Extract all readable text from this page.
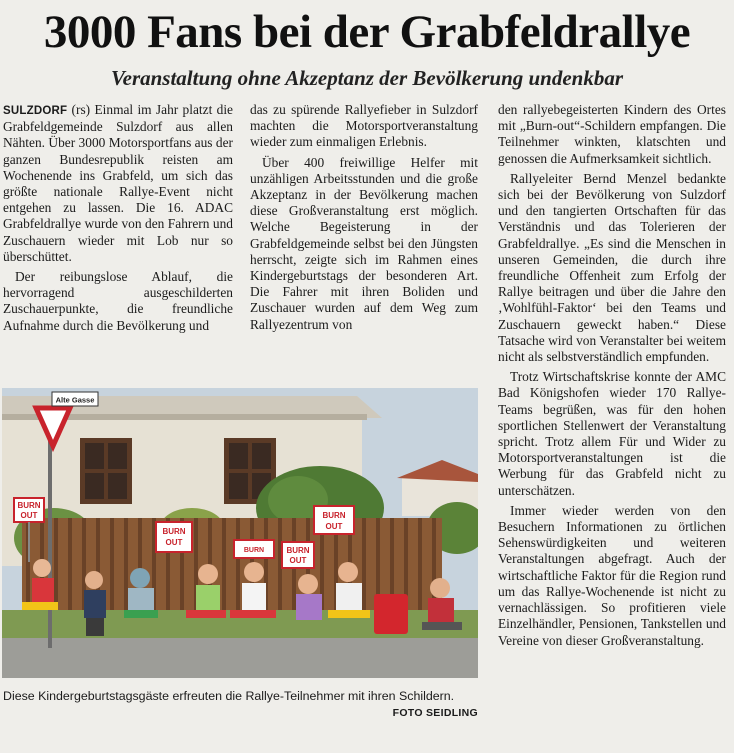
3000 Fans bei der Grabfeldrallye
Veranstaltung ohne Akzeptanz der Bevölkerung undenkbar

SULZDORF (rs) Einmal im Jahr platzt die Grabfeldgemeinde Sulzdorf aus allen Nähten. Über 3000 Motorsportfans aus der ganzen Bundesrepublik reisten am Wochenende ins Grabfeld, um sich das größte nationale Rallye-Event nicht entgehen zu lassen. Die 16. ADAC Grabfeldrallye wurde von den Fahrern und Zuschauern wieder mit Lob nur so überschüttet.

Der reibungslose Ablauf, die hervorragend ausgeschilderten Zuschauerpunkte, die freundliche Aufnahme durch die Bevölkerung und

das zu spürende Rallyefieber in Sulzdorf machten die Motorsportveranstaltung wieder zum einmaligen Erlebnis.

Über 400 freiwillige Helfer mit unzähligen Arbeitsstunden und die große Akzeptanz in der Bevölkerung machen diese Großveranstaltung erst möglich. Welche Begeisterung in der Grabfeldgemeinde selbst bei den Jüngsten herrscht, zeigte sich im Rahmen eines Kindergeburtstags der besonderen Art. Die Fahrer mit ihren Boliden und Zuschauer wurden auf dem Weg zum Rallyezentrum von

den rallyebegeisterten Kindern des Ortes mit „Burn-out“-Schildern empfangen. Die Teilnehmer winkten, klatschten und genossen die Aufmerksamkeit sichtlich.

Rallyeleiter Bernd Menzel bedankte sich bei der Bevölkerung von Sulzdorf und den tangierten Ortschaften für das Verständnis und das Tolerieren der Grabfeldrallye. „Es sind die Menschen in unseren Gemeinden, die durch ihre freundliche Offenheit zum Erfolg der Rallye beitragen und über die Jahre den ‚Wohlfühl-Faktor‘ bei den Teams und Zuschauern geweckt haben.“ Diese Tatsache wird von Veranstalter bei weitem nicht als selbstverständlich empfunden.

Trotz Wirtschaftskrise konnte der AMC Bad Königshofen wieder 170 Rallye-Teams begrüßen, was für den hohen sportlichen Stellenwert der Veranstaltung spricht. Trotz allem Für und Wider zu Motorsportveranstaltungen ist die Werbung für das Grabfeld nicht zu unterschätzen.

Immer wieder werden von den Besuchern Informationen zu örtlichen Sehenswürdigkeiten und weiteren Veranstaltungen abgefragt. Auch der wirtschaftliche Faktor für die Region rund um das Rallye-Wochenende ist nicht zu vernachlässigen. So profitieren viele Einzelhändler, Pensionen, Tankstellen und Vereine von dieser Großveranstaltung.

Alte Gasse
BURN
OUT
BURN
OUT
BURN	BURN
OUT
BURN
OUT

Diese Kindergeburtstagsgäste erfreuten die Rallye-Teilnehmer mit ihren Schildern.

FOTO SEIDLING
